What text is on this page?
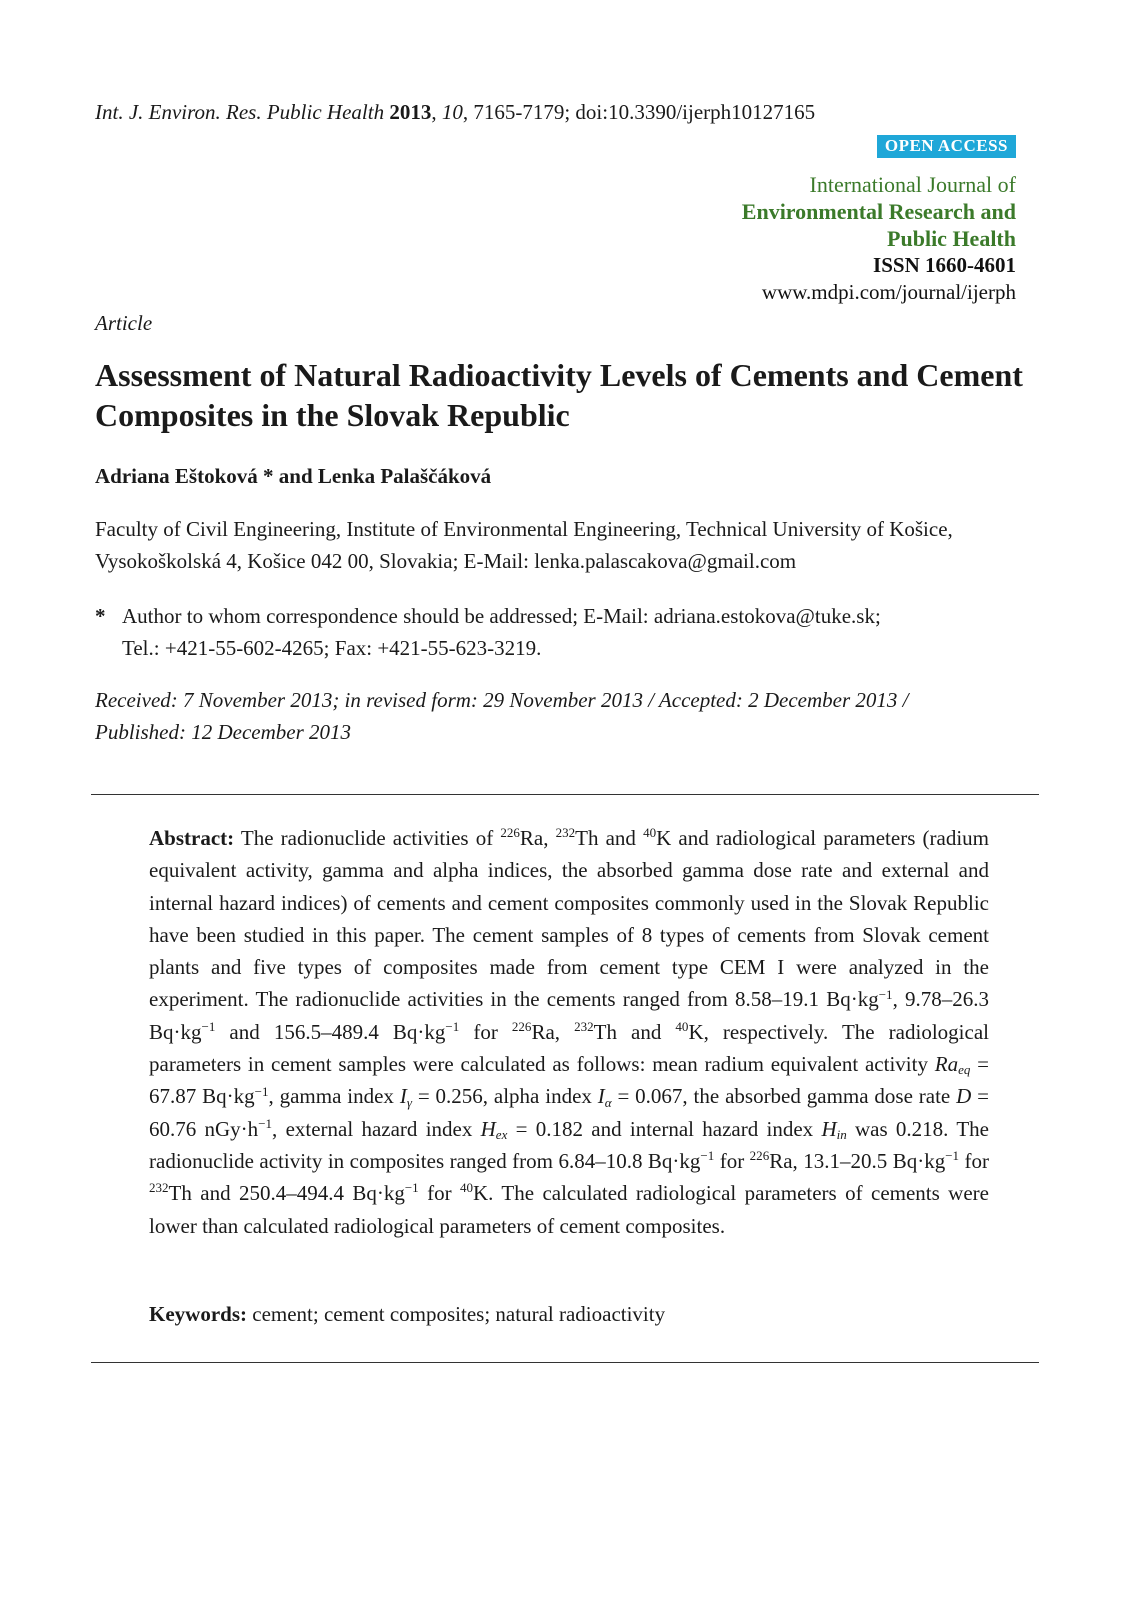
Int. J. Environ. Res. Public Health 2013, 10, 7165-7179; doi:10.3390/ijerph10127165
OPEN ACCESS
International Journal of
Environmental Research and
Public Health
ISSN 1660-4601
www.mdpi.com/journal/ijerph
Article
Assessment of Natural Radioactivity Levels of Cements and Cement Composites in the Slovak Republic
Adriana Eštoková * and Lenka Palaščáková
Faculty of Civil Engineering, Institute of Environmental Engineering, Technical University of Košice,
Vysokoškolská 4, Košice 042 00, Slovakia; E-Mail: lenka.palascakova@gmail.com
* Author to whom correspondence should be addressed; E-Mail: adriana.estokova@tuke.sk;
Tel.: +421-55-602-4265; Fax: +421-55-623-3219.
Received: 7 November 2013; in revised form: 29 November 2013 / Accepted: 2 December 2013 /
Published: 12 December 2013

Abstract: The radionuclide activities of $^{226}$Ra, $^{232}$Th and $^{40}$K and radiological parameters (radium equivalent activity, gamma and alpha indices, the absorbed gamma dose rate and external and internal hazard indices) of cements and cement composites commonly used in the Slovak Republic have been studied in this paper. The cement samples of 8 types of cements from Slovak cement plants and five types of composites made from cement type CEM I were analyzed in the experiment. The radionuclide activities in the cements ranged from 8.58–19.1 $Bq\cdot kg^{-1}$, 9.78–26.3 $Bq\cdot kg^{-1}$ and 156.5–489.4 $Bq\cdot kg^{-1}$ for $^{226}$Ra, $^{232}$Th and $^{40}$K, respectively. The radiological parameters in cement samples were calculated as follows: mean radium equivalent activity $Ra_{eq} = 67.87$ $Bq\cdot kg^{-1}$, gamma index $I_\gamma = 0.256$, alpha index $I_\alpha = 0.067$, the absorbed gamma dose rate D = 60.76 $nGy\cdot h^{-1}$, external hazard index $H_{ex} = 0.182$ and internal hazard index $H_{in}$ was 0.218. The radionuclide activity in composites ranged from 6.84–10.8 $Bq\cdot kg^{-1}$ for $^{226}$Ra, 13.1–20.5 $Bq\cdot kg^{-1}$ for $^{232}$Th and 250.4–494.4 $Bq\cdot kg^{-1}$ for $^{40}$K. The calculated radiological parameters of cements were lower than calculated radiological parameters of cement composites.

Keywords: cement; cement composites; natural radioactivity
